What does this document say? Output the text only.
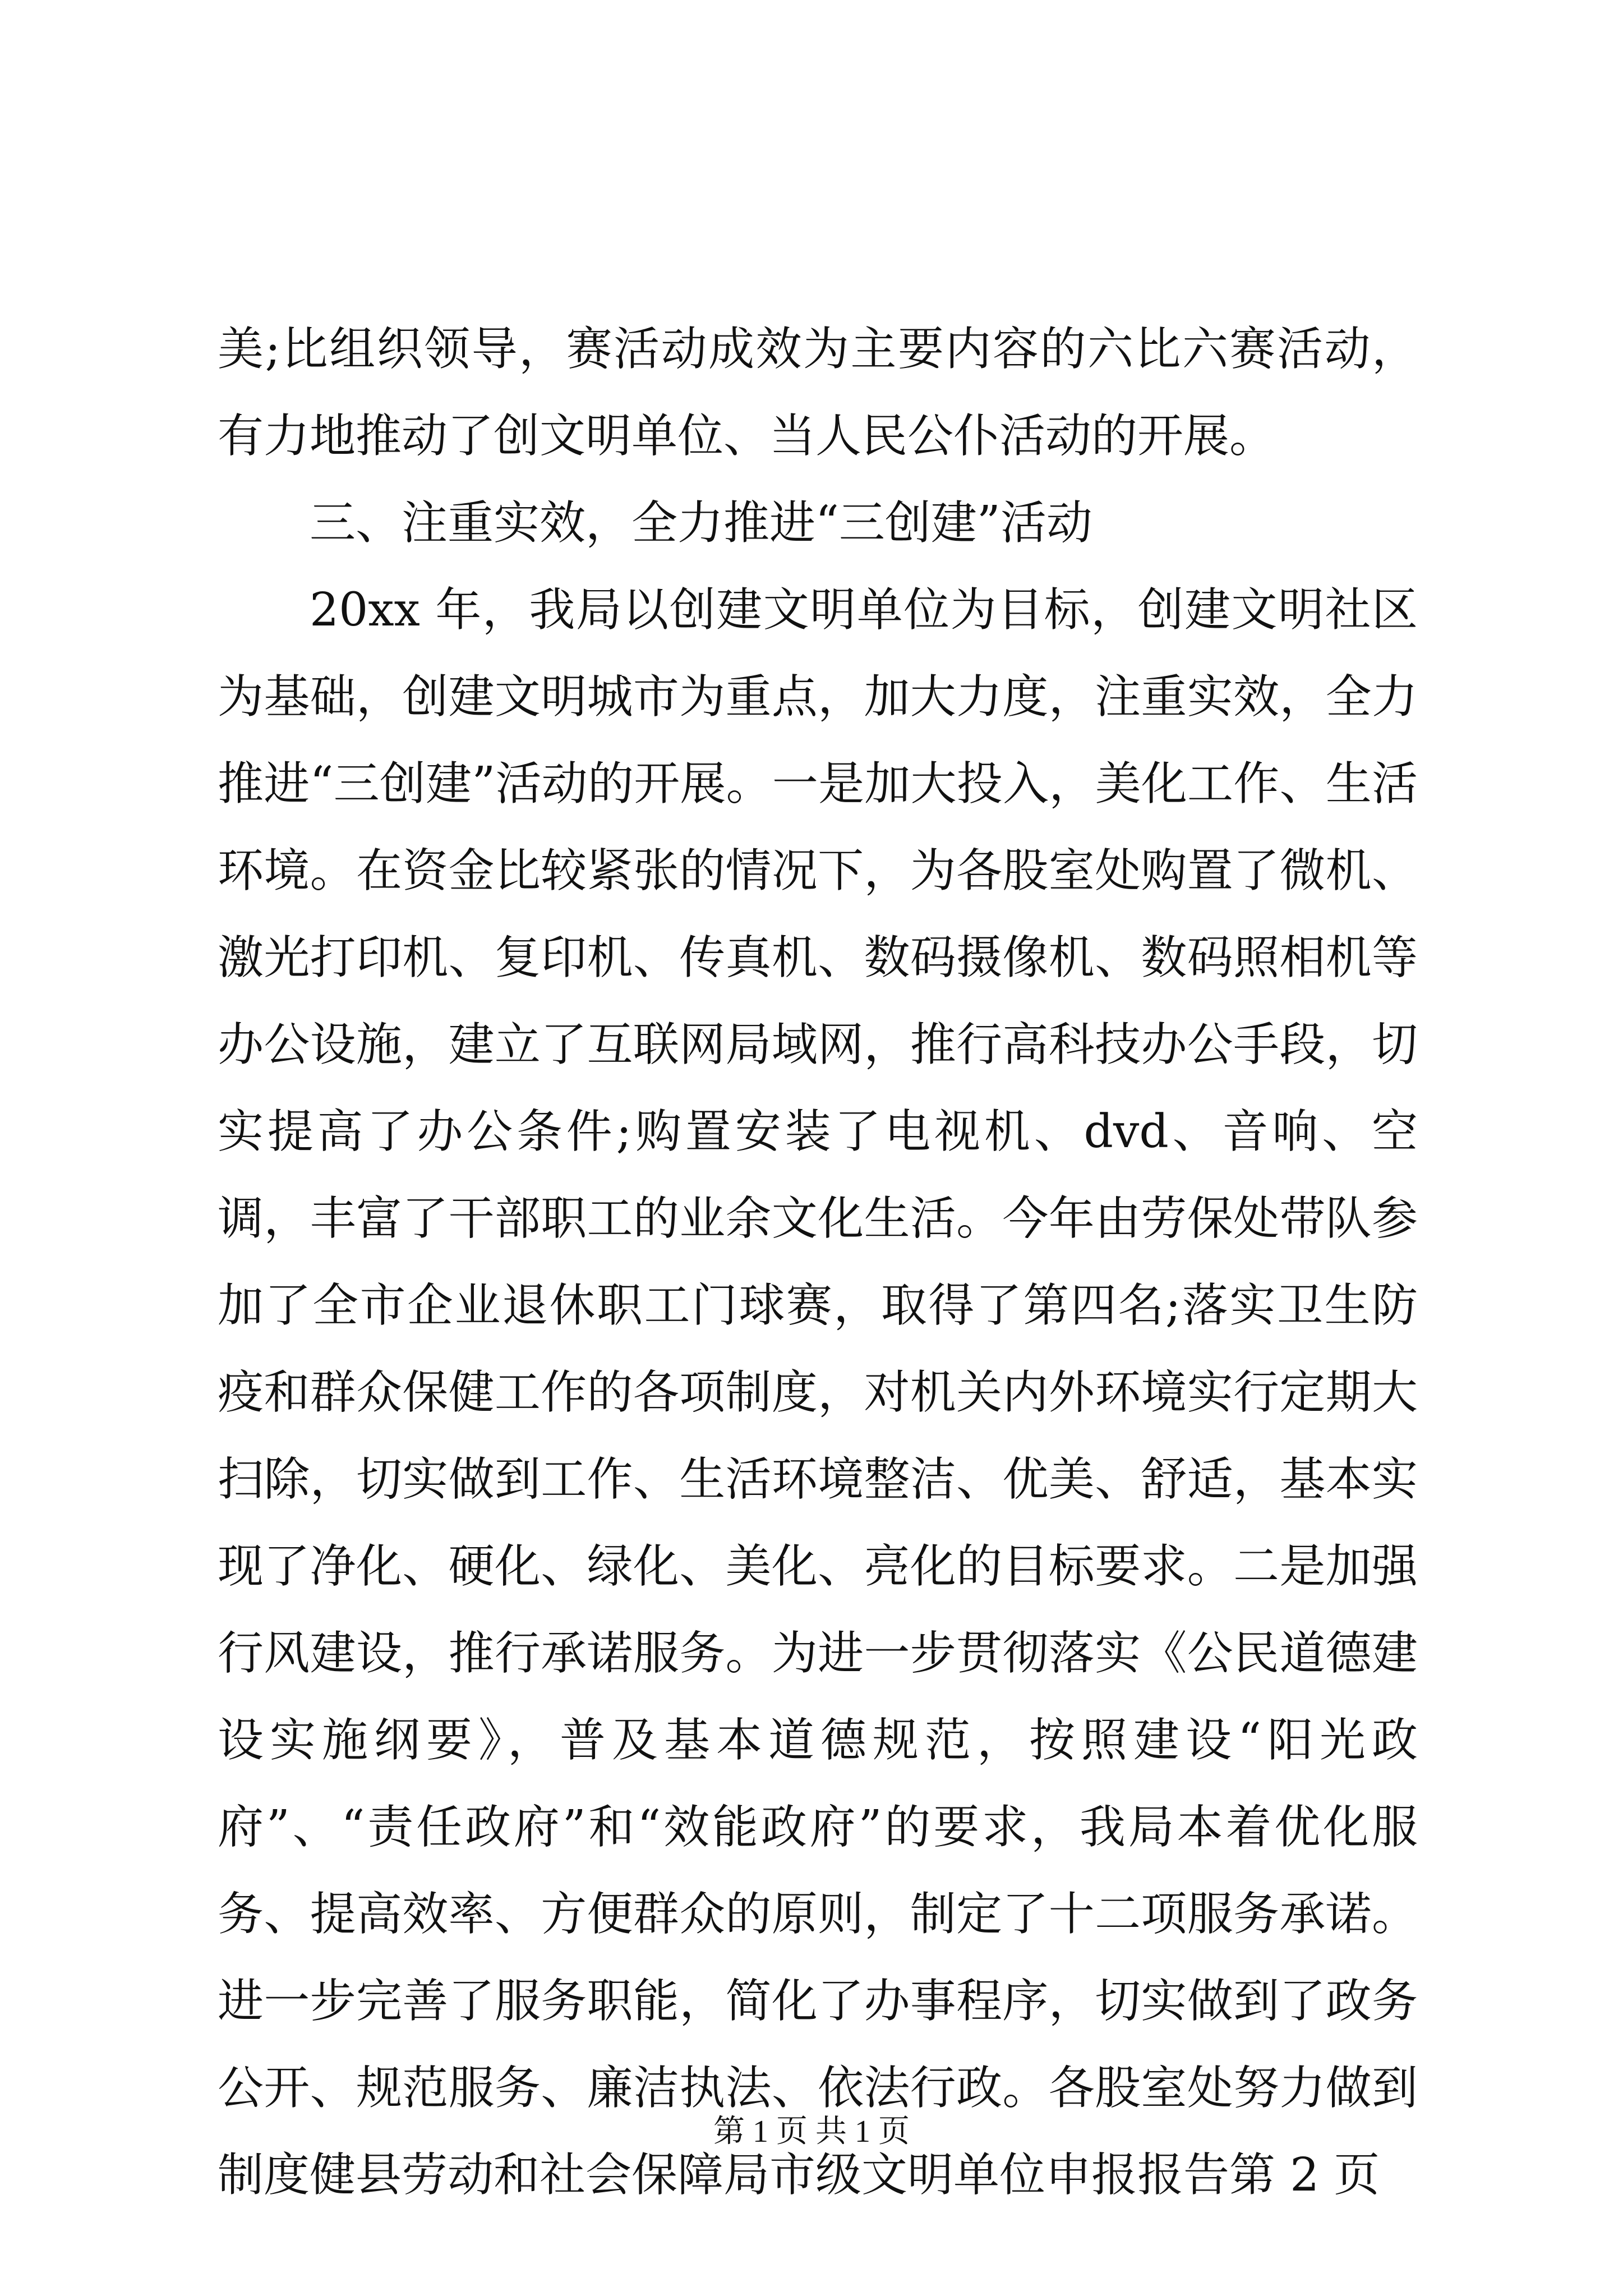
美;比组织领导，赛活动成效为主要内容的六比六赛活动，有力地推动了创文明单位、当人民公仆活动的开展。

三、注重实效，全力推进“三创建”活动

20xx 年，我局以创建文明单位为目标，创建文明社区为基础，创建文明城市为重点，加大力度，注重实效，全力推进“三创建”活动的开展。一是加大投入，美化工作、生活环境。在资金比较紧张的情况下，为各股室处购置了微机、激光打印机、复印机、传真机、数码摄像机、数码照相机等办公设施，建立了互联网局域网，推行高科技办公手段，切实提高了办公条件;购置安装了电视机、dvd、音响、空调，丰富了干部职工的业余文化生活。今年由劳保处带队参加了全市企业退休职工门球赛，取得了第四名;落实卫生防疫和群众保健工作的各项制度，对机关内外环境实行定期大扫除，切实做到工作、生活环境整洁、优美、舒适，基本实现了净化、硬化、绿化、美化、亮化的目标要求。二是加强行风建设，推行承诺服务。为进一步贯彻落实《公民道德建设实施纲要》，普及基本道德规范，按照建设“阳光政府”、“责任政府”和“效能政府”的要求，我局本着优化服务、提高效率、方便群众的原则，制定了十二项服务承诺。进一步完善了服务职能，简化了办事程序，切实做到了政务公开、规范服务、廉洁执法、依法行政。各股室处努力做到制度健县劳动和社会保障局市级文明单位申报报告第 2 页

第 1 页 共 1 页
